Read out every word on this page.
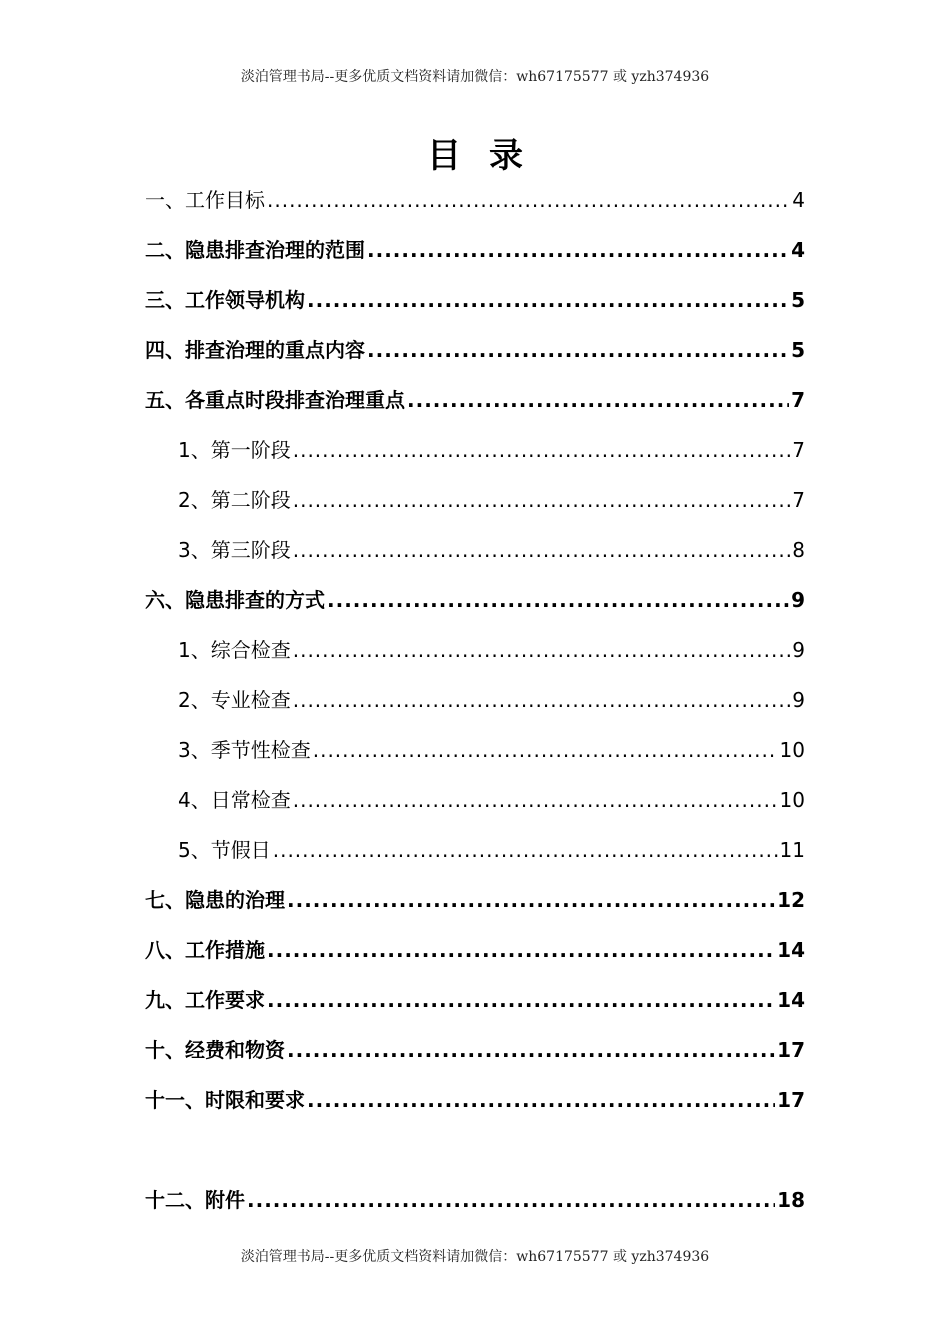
淡泊管理书局--更多优质文档资料请加微信：wh67175577 或 yzh374936
目录
一、工作目标 .....	4
二、隐患排查治理的范围 .....	4
三、工作领导机构 .....	5
四、排查治理的重点内容 .....	5
五、各重点时段排查治理重点 .....	7
1、第一阶段 .....	7
2、第二阶段 .....	7
3、第三阶段 .....	8
六、隐患排查的方式 .....	9
1、综合检查 .....	9
2、专业检查 .....	9
3、季节性检查 .....	10
4、日常检查 .....	10
5、节假日 .....	11
七、隐患的治理 .....	12
八、工作措施 .....	14
九、工作要求 .....	14
十、经费和物资 .....	17
十一、时限和要求 .....	17
十二、附件 .....	18
淡泊管理书局--更多优质文档资料请加微信：wh67175577 或 yzh374936
